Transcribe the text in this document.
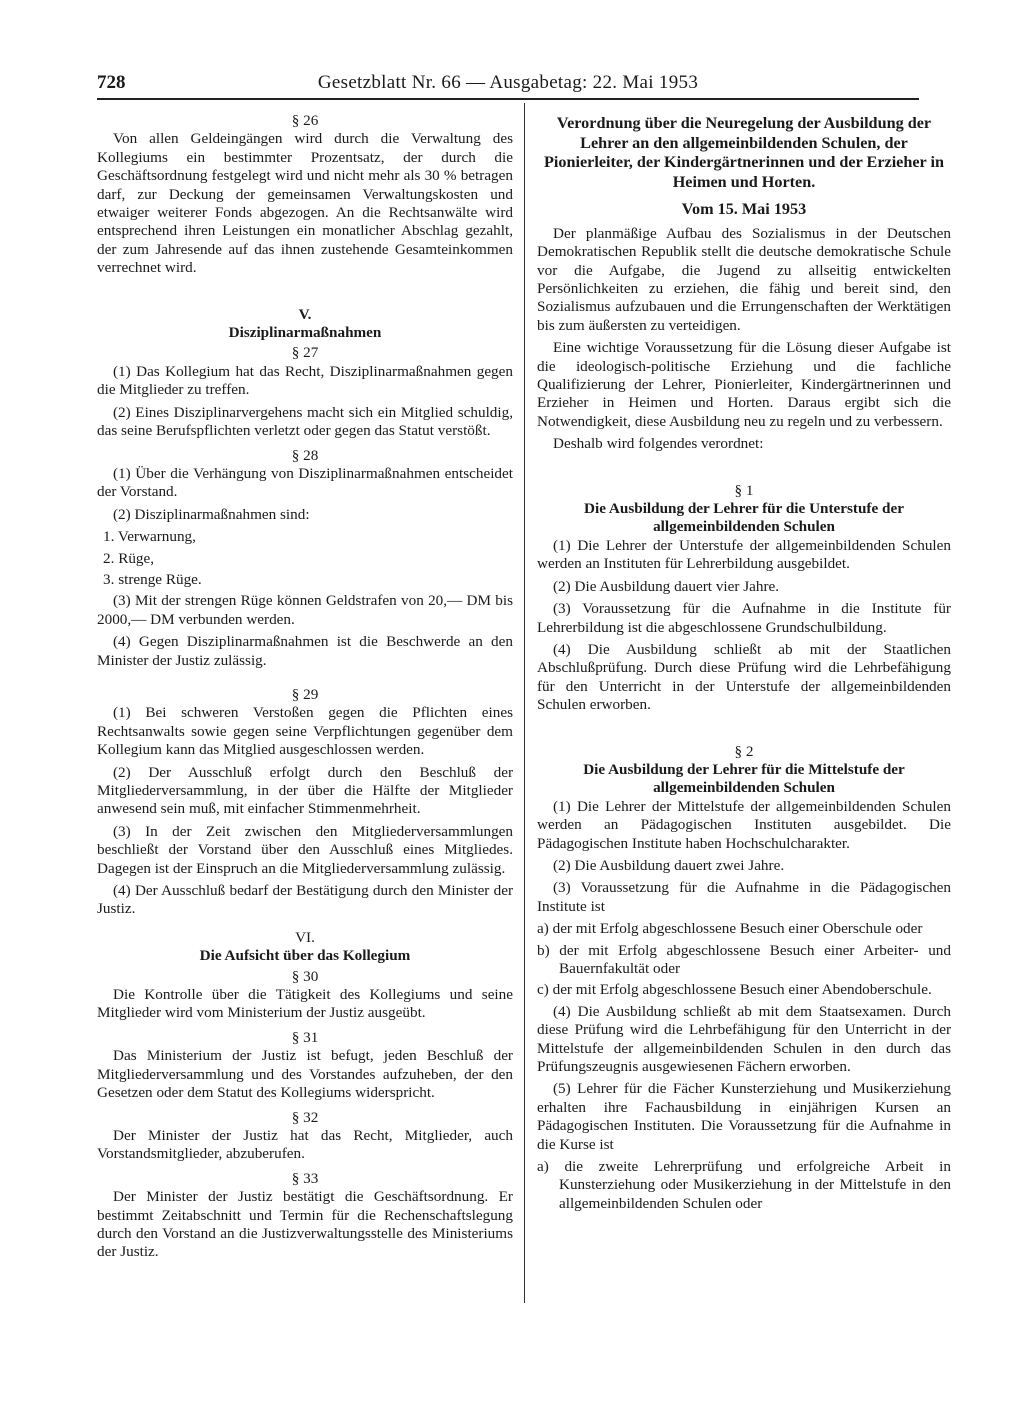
728	Gesetzblatt Nr. 66 — Ausgabetag: 22. Mai 1953
§ 26

Von allen Geldeingängen wird durch die Verwaltung des Kollegiums ein bestimmter Prozentsatz, der durch die Geschäftsordnung festgelegt wird und nicht mehr als 30 % betragen darf, zur Deckung der gemeinsamen Verwaltungskosten und etwaiger weiterer Fonds abgezogen. An die Rechtsanwälte wird entsprechend ihren Leistungen ein monatlicher Abschlag gezahlt, der zum Jahresende auf das ihnen zustehende Gesamteinkommen verrechnet wird.

V.
Disziplinarmaßnahmen
§ 27

(1) Das Kollegium hat das Recht, Disziplinarmaßnahmen gegen die Mitglieder zu treffen.

(2) Eines Disziplinarvergehens macht sich ein Mitglied schuldig, das seine Berufspflichten verletzt oder gegen das Statut verstößt.

§ 28

(1) Über die Verhängung von Disziplinarmaßnahmen entscheidet der Vorstand.

(2) Disziplinarmaßnahmen sind:

1. Verwarnung,

2. Rüge,

3. strenge Rüge.

(3) Mit der strengen Rüge können Geldstrafen von 20,— DM bis 2000,— DM verbunden werden.

(4) Gegen Disziplinarmaßnahmen ist die Beschwerde an den Minister der Justiz zulässig.

§ 29

(1) Bei schweren Verstoßen gegen die Pflichten eines Rechtsanwalts sowie gegen seine Verpflichtungen gegenüber dem Kollegium kann das Mitglied ausgeschlossen werden.

(2) Der Ausschluß erfolgt durch den Beschluß der Mitgliederversammlung, in der über die Hälfte der Mitglieder anwesend sein muß, mit einfacher Stimmenmehrheit.

(3) In der Zeit zwischen den Mitgliederversammlungen beschließt der Vorstand über den Ausschluß eines Mitgliedes. Dagegen ist der Einspruch an die Mitgliederversammlung zulässig.

(4) Der Ausschluß bedarf der Bestätigung durch den Minister der Justiz.

VI.
Die Aufsicht über das Kollegium
§ 30

Die Kontrolle über die Tätigkeit des Kollegiums und seine Mitglieder wird vom Ministerium der Justiz ausgeübt.

§ 31

Das Ministerium der Justiz ist befugt, jeden Beschluß der Mitgliederversammlung und des Vorstandes aufzuheben, der den Gesetzen oder dem Statut des Kollegiums widerspricht.

§ 32

Der Minister der Justiz hat das Recht, Mitglieder, auch Vorstandsmitglieder, abzuberufen.

§ 33

Der Minister der Justiz bestätigt die Geschäftsordnung. Er bestimmt Zeitabschnitt und Termin für die Rechenschaftslegung durch den Vorstand an die Justizverwaltungsstelle des Ministeriums der Justiz.

Verordnung über die Neuregelung der Ausbildung der Lehrer an den allgemeinbildenden Schulen, der Pionierleiter, der Kindergärtnerinnen und der Erzieher in Heimen und Horten.
Vom 15. Mai 1953

Der planmäßige Aufbau des Sozialismus in der Deutschen Demokratischen Republik stellt die deutsche demokratische Schule vor die Aufgabe, die Jugend zu allseitig entwickelten Persönlichkeiten zu erziehen, die fähig und bereit sind, den Sozialismus aufzubauen und die Errungenschaften der Werktätigen bis zum äußersten zu verteidigen.

Eine wichtige Voraussetzung für die Lösung dieser Aufgabe ist die ideologisch-politische Erziehung und die fachliche Qualifizierung der Lehrer, Pionierleiter, Kindergärtnerinnen und Erzieher in Heimen und Horten. Daraus ergibt sich die Notwendigkeit, diese Ausbildung neu zu regeln und zu verbessern.

Deshalb wird folgendes verordnet:

§ 1
Die Ausbildung der Lehrer für die Unterstufe der allgemeinbildenden Schulen

(1) Die Lehrer der Unterstufe der allgemeinbildenden Schulen werden an Instituten für Lehrerbildung ausgebildet.

(2) Die Ausbildung dauert vier Jahre.

(3) Voraussetzung für die Aufnahme in die Institute für Lehrerbildung ist die abgeschlossene Grundschulbildung.

(4) Die Ausbildung schließt ab mit der Staatlichen Abschlußprüfung. Durch diese Prüfung wird die Lehrbefähigung für den Unterricht in der Unterstufe der allgemeinbildenden Schulen erworben.

§ 2
Die Ausbildung der Lehrer für die Mittelstufe der allgemeinbildenden Schulen

(1) Die Lehrer der Mittelstufe der allgemeinbildenden Schulen werden an Pädagogischen Instituten ausgebildet. Die Pädagogischen Institute haben Hochschulcharakter.

(2) Die Ausbildung dauert zwei Jahre.

(3) Voraussetzung für die Aufnahme in die Pädagogischen Institute ist

a) der mit Erfolg abgeschlossene Besuch einer Oberschule oder

b) der mit Erfolg abgeschlossene Besuch einer Arbeiter- und Bauernfakultät oder

c) der mit Erfolg abgeschlossene Besuch einer Abendoberschule.

(4) Die Ausbildung schließt ab mit dem Staatsexamen. Durch diese Prüfung wird die Lehrbefähigung für den Unterricht in der Mittelstufe der allgemeinbildenden Schulen in den durch das Prüfungszeugnis ausgewiesenen Fächern erworben.

(5) Lehrer für die Fächer Kunsterziehung und Musikerziehung erhalten ihre Fachausbildung in einjährigen Kursen an Pädagogischen Instituten. Die Voraussetzung für die Aufnahme in die Kurse ist

a) die zweite Lehrerprüfung und erfolgreiche Arbeit in Kunsterziehung oder Musikerziehung in der Mittelstufe in den allgemeinbildenden Schulen oder
